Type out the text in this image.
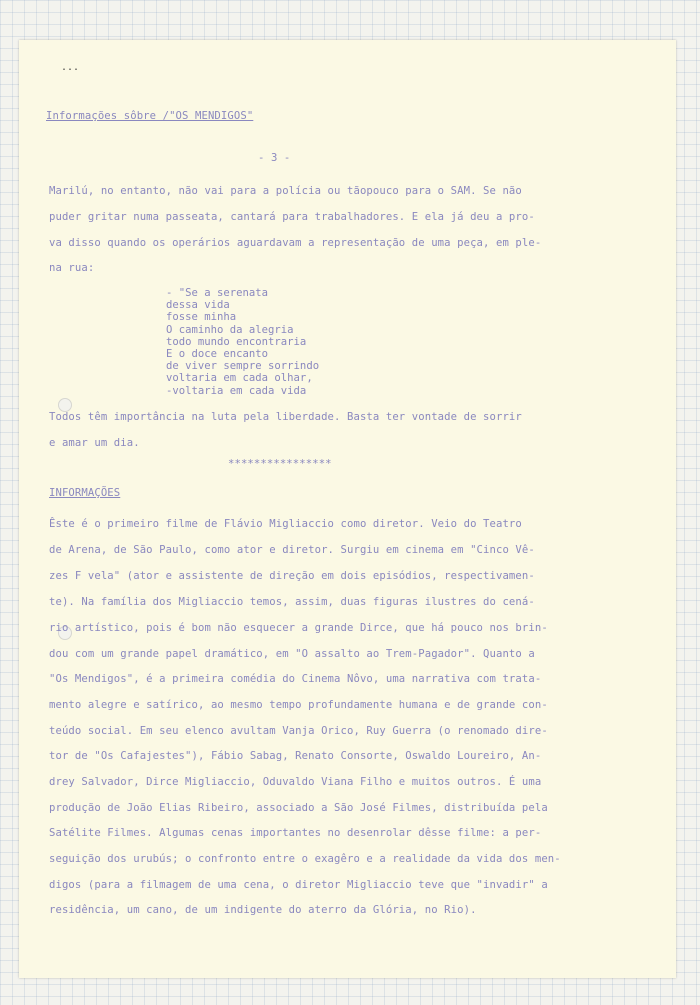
...
Informações sôbre /"OS MENDIGOS"
- 3 -
Marilú, no entanto, não vai para a polícia ou tãopouco para o SAM. Se não
puder gritar numa passeata, cantará para trabalhadores. E ela já deu a pro-
va disso quando os operários aguardavam a representação de uma peça, em ple-
na rua:
- "Se a serenata
dessa vida
fosse minha
O caminho da alegria
todo mundo encontraria
E o doce encanto
de viver sempre sorrindo
voltaria em cada olhar,
-voltaria em cada vida
Todos têm importância na luta pela liberdade. Basta ter vontade de sorrir
e amar um dia.
****************
INFORMAÇÕES
Êste é o primeiro filme de Flávio Migliaccio como diretor. Veio do Teatro
de Arena, de São Paulo, como ator e diretor. Surgiu em cinema em "Cinco Vê-
zes F vela" (ator e assistente de direção em dois episódios, respectivamen-
te). Na família dos Migliaccio temos, assim, duas figuras ilustres do cená-
rio artístico, pois é bom não esquecer a grande Dirce, que há pouco nos brin-
dou com um grande papel dramático, em "O assalto ao Trem-Pagador". Quanto a
"Os Mendigos", é a primeira comédia do Cinema Nôvo, uma narrativa com trata-
mento alegre e satírico, ao mesmo tempo profundamente humana e de grande con-
teúdo social. Em seu elenco avultam Vanja Orico, Ruy Guerra (o renomado dire-
tor de "Os Cafajestes"), Fábio Sabag, Renato Consorte, Oswaldo Loureiro, An-
drey Salvador, Dirce Migliaccio, Oduvaldo Viana Filho e muitos outros. É uma
produção de João Elias Ribeiro, associado a São José Filmes, distribuída pela
Satélite Filmes. Algumas cenas importantes no desenrolar dêsse filme: a per-
seguição dos urubús; o confronto entre o exagêro e a realidade da vida dos men-
digos (para a filmagem de uma cena, o diretor Migliaccio teve que "invadir" a
residência, um cano, de um indigente do aterro da Glória, no Rio).
